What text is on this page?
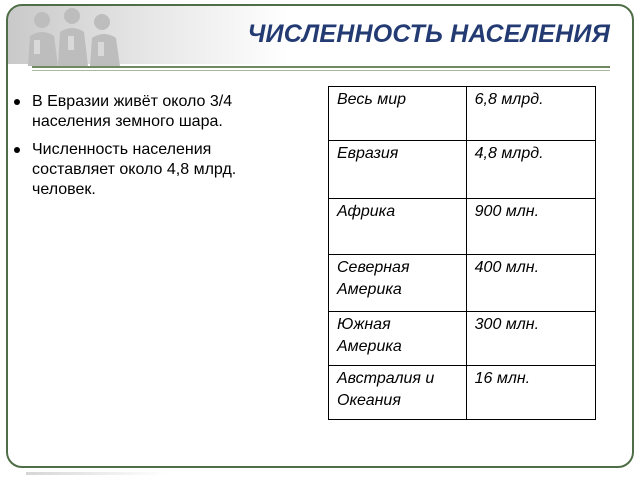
ЧИСЛЕННОСТЬ НАСЕЛЕНИЯ
В Евразии живёт около 3/4 населения земного шара.
Численность населения составляет около 4,8 млрд. человек.
Весь мир	6,8 млрд.
Евразия	4,8 млрд.
Африка	900 млн.
Северная Америка	400 млн.
Южная Америка	300 млн.
Австралия и Океания	16 млн.
